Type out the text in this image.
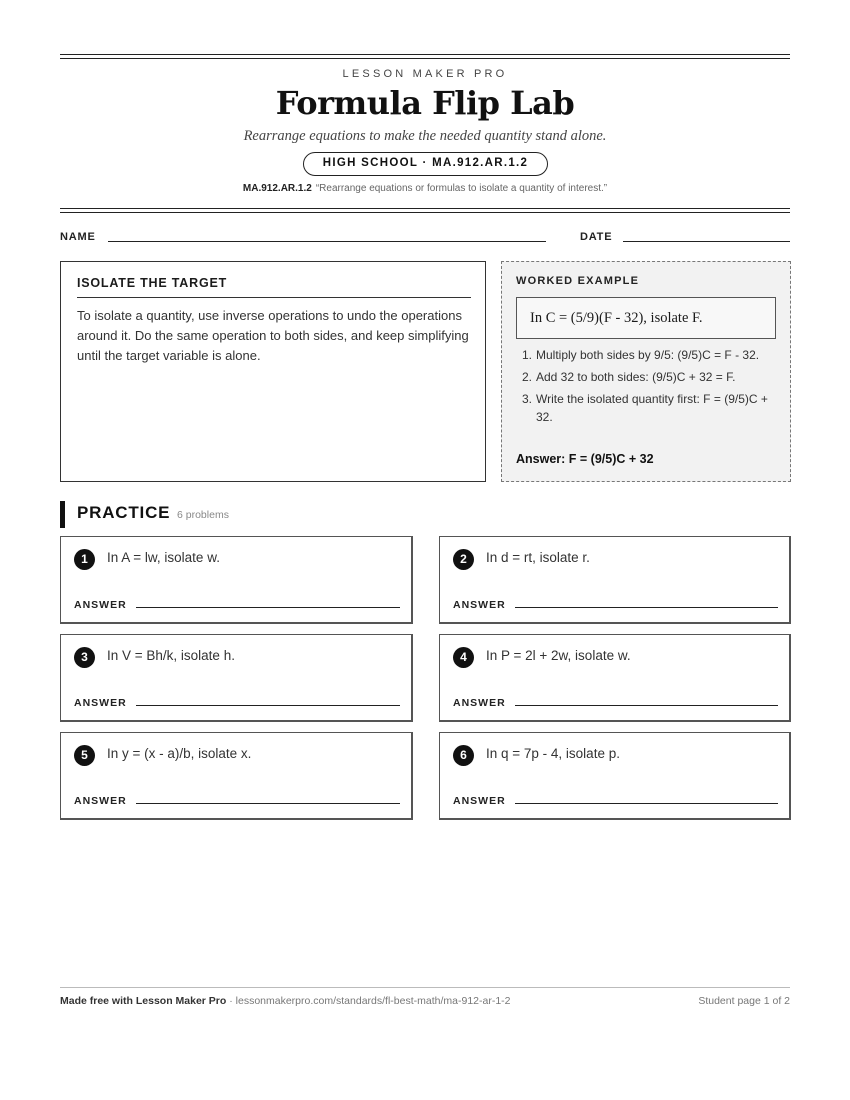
LESSON MAKER PRO
Formula Flip Lab
Rearrange equations to make the needed quantity stand alone.
HIGH SCHOOL · MA.912.AR.1.2
MA.912.AR.1.2 “Rearrange equations or formulas to isolate a quantity of interest.”
NAME	DATE
ISOLATE THE TARGET
To isolate a quantity, use inverse operations to undo the operations around it. Do the same operation to both sides, and keep simplifying until the target variable is alone.
WORKED EXAMPLE
In C = (5/9)(F - 32), isolate F.
1. Multiply both sides by 9/5: (9/5)C = F - 32.
2. Add 32 to both sides: (9/5)C + 32 = F.
3. Write the isolated quantity first: F = (9/5)C + 32.
Answer: F = (9/5)C + 32
PRACTICE 6 problems
1	In A = lw, isolate w.
ANSWER
2	In d = rt, isolate r.
ANSWER
3	In V = Bh/k, isolate h.
ANSWER
4	In P = 2l + 2w, isolate w.
ANSWER
5	In y = (x - a)/b, isolate x.
ANSWER
6	In q = 7p - 4, isolate p.
ANSWER
Made free with Lesson Maker Pro · lessonmakerpro.com/standards/fl-best-math/ma-912-ar-1-2	Student page 1 of 2
